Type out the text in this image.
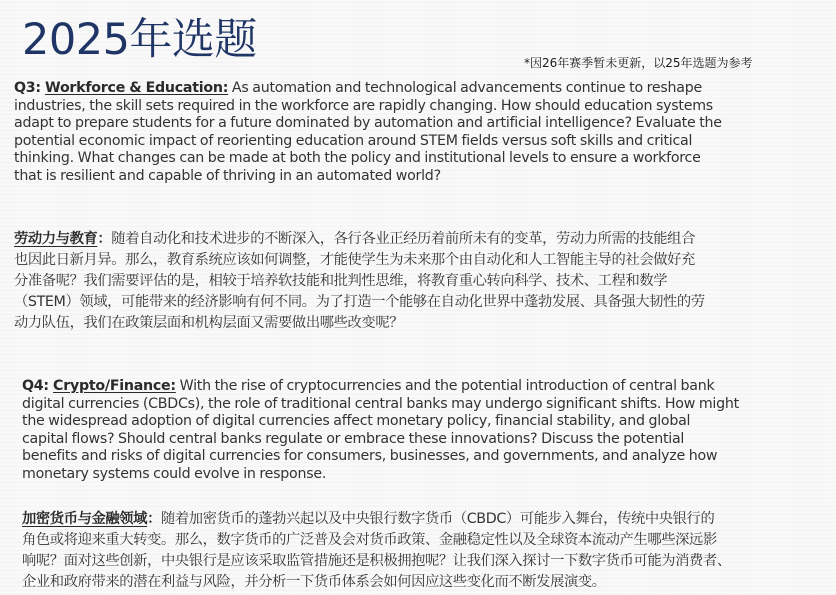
2025年选题	*因26年赛季暂未更新，以25年选题为参考
Q3: Workforce & Education: As automation and technological advancements continue to reshape
industries, the skill sets required in the workforce are rapidly changing. How should education systems
adapt to prepare students for a future dominated by automation and artificial intelligence? Evaluate the
potential economic impact of reorienting education around STEM fields versus soft skills and critical
thinking. What changes can be made at both the policy and institutional levels to ensure a workforce
that is resilient and capable of thriving in an automated world?
劳动力与教育：随着自动化和技术进步的不断深入，各行各业正经历着前所未有的变革，劳动力所需的技能组合
也因此日新月异。那么，教育系统应该如何调整，才能使学生为未来那个由自动化和人工智能主导的社会做好充
分准备呢？我们需要评估的是，相较于培养软技能和批判性思维，将教育重心转向科学、技术、工程和数学
（STEM）领域，可能带来的经济影响有何不同。为了打造一个能够在自动化世界中蓬勃发展、具备强大韧性的劳
动力队伍，我们在政策层面和机构层面又需要做出哪些改变呢？
Q4: Crypto/Finance: With the rise of cryptocurrencies and the potential introduction of central bank
digital currencies (CBDCs), the role of traditional central banks may undergo significant shifts. How might
the widespread adoption of digital currencies affect monetary policy, financial stability, and global
capital flows? Should central banks regulate or embrace these innovations? Discuss the potential
benefits and risks of digital currencies for consumers, businesses, and governments, and analyze how
monetary systems could evolve in response.
加密货币与金融领域：随着加密货币的蓬勃兴起以及中央银行数字货币（CBDC）可能步入舞台，传统中央银行的
角色或将迎来重大转变。那么，数字货币的广泛普及会对货币政策、金融稳定性以及全球资本流动产生哪些深远影
响呢？面对这些创新，中央银行是应该采取监管措施还是积极拥抱呢？让我们深入探讨一下数字货币可能为消费者、
企业和政府带来的潜在利益与风险，并分析一下货币体系会如何因应这些变化而不断发展演变。
